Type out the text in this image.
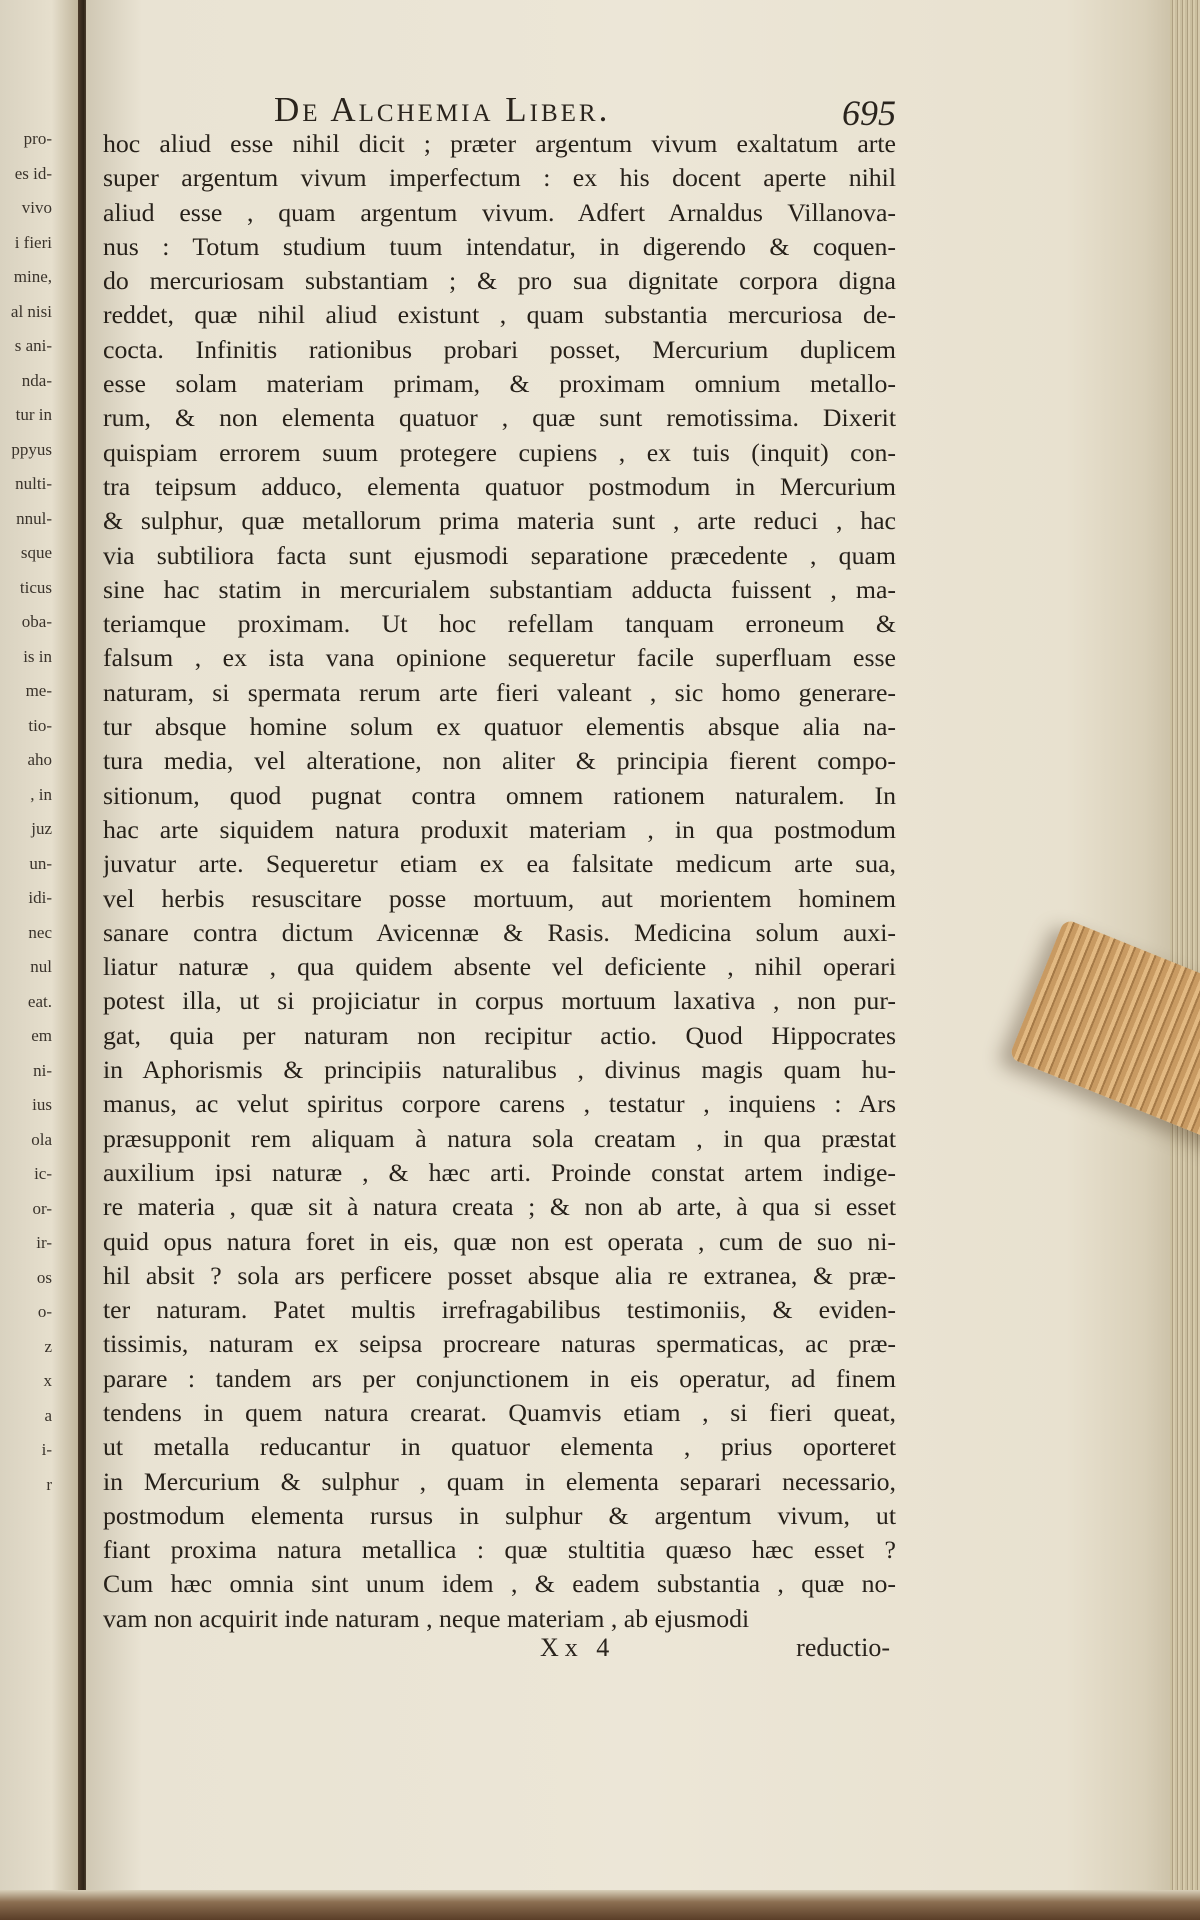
pro-
es id-
vivo
i fieri
mine,
al nisi
s ani-
nda-
tur in
ppyus
nulti-
nnul-
sque
ticus
oba-
is in
me-
tio-
aho
, in
juz
un-
idi-
nec
nul
eat.
em
ni-
ius
ola
ic-
or-
ir-
os
o-
z
x
a
i-
r
De Alchemia Liber.	695
hoc aliud esse nihil dicit ; præter argentum vivum exaltatum arte
super argentum vivum imperfectum : ex his docent aperte nihil
aliud esse , quam argentum vivum. Adfert Arnaldus Villanova-
nus : Totum studium tuum intendatur, in digerendo & coquen-
do mercuriosam substantiam ; & pro sua dignitate corpora digna
reddet, quæ nihil aliud existunt , quam substantia mercuriosa de-
cocta. Infinitis rationibus probari posset, Mercurium duplicem
esse solam materiam primam, & proximam omnium metallo-
rum, & non elementa quatuor , quæ sunt remotissima. Dixerit
quispiam errorem suum protegere cupiens , ex tuis (inquit) con-
tra teipsum adduco, elementa quatuor postmodum in Mercurium
& sulphur, quæ metallorum prima materia sunt , arte reduci , hac
via subtiliora facta sunt ejusmodi separatione præcedente , quam
sine hac statim in mercurialem substantiam adducta fuissent , ma-
teriamque proximam. Ut hoc refellam tanquam erroneum &
falsum , ex ista vana opinione sequeretur facile superfluam esse
naturam, si spermata rerum arte fieri valeant , sic homo generare-
tur absque homine solum ex quatuor elementis absque alia na-
tura media, vel alteratione, non aliter & principia fierent compo-
sitionum, quod pugnat contra omnem rationem naturalem. In
hac arte siquidem natura produxit materiam , in qua postmodum
juvatur arte. Sequeretur etiam ex ea falsitate medicum arte sua,
vel herbis resuscitare posse mortuum, aut morientem hominem
sanare contra dictum Avicennæ & Rasis. Medicina solum auxi-
liatur naturæ , qua quidem absente vel deficiente , nihil operari
potest illa, ut si projiciatur in corpus mortuum laxativa , non pur-
gat, quia per naturam non recipitur actio. Quod Hippocrates
in Aphorismis & principiis naturalibus , divinus magis quam hu-
manus, ac velut spiritus corpore carens , testatur , inquiens : Ars
præsupponit rem aliquam à natura sola creatam , in qua præstat
auxilium ipsi naturæ , & hæc arti. Proinde constat artem indige-
re materia , quæ sit à natura creata ; & non ab arte, à qua si esset
quid opus natura foret in eis, quæ non est operata , cum de suo ni-
hil absit ? sola ars perficere posset absque alia re extranea, & præ-
ter naturam. Patet multis irrefragabilibus testimoniis, & eviden-
tissimis, naturam ex seipsa procreare naturas spermaticas, ac præ-
parare : tandem ars per conjunctionem in eis operatur, ad finem
tendens in quem natura crearat. Quamvis etiam , si fieri queat,
ut metalla reducantur in quatuor elementa , prius oporteret
in Mercurium & sulphur , quam in elementa separari necessario,
postmodum elementa rursus in sulphur & argentum vivum, ut
fiant proxima natura metallica : quæ stultitia quæso hæc esset ?
Cum hæc omnia sint unum idem , & eadem substantia , quæ no-
vam non acquirit inde naturam , neque materiam , ab ejusmodi
Xx 4	reductio-
